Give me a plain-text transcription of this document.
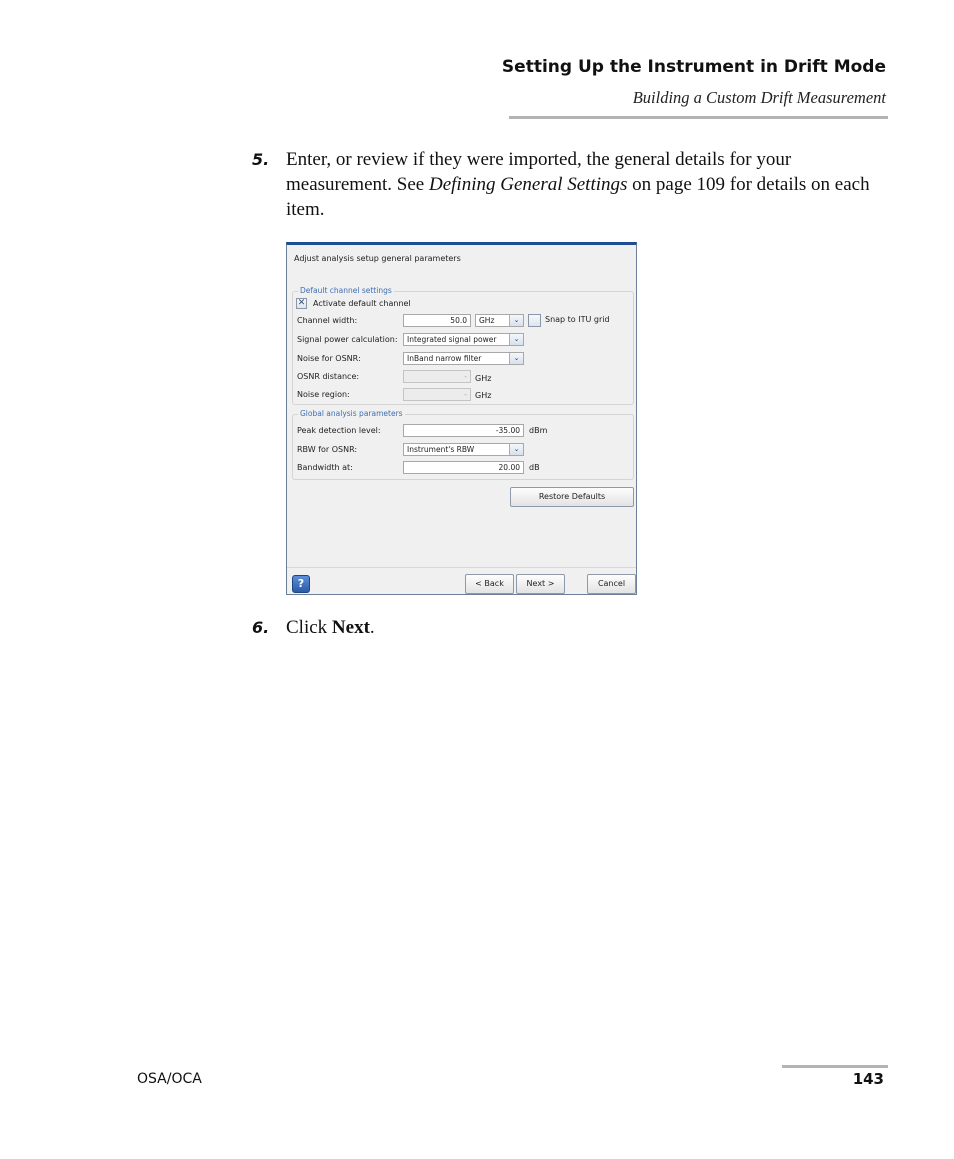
Setting Up the Instrument in Drift Mode
Building a Custom Drift Measurement
5. Enter, or review if they were imported, the general details for your measurement. See Defining General Settings on page 109 for details on each item.
Adjust analysis setup general parameters
Default channel settings
✕ Activate default channel
Channel width:	50.0	GHz	⌄	Snap to ITU grid
Signal power calculation:	Integrated signal power	⌄
Noise for OSNR:	InBand narrow filter	⌄
OSNR distance:	-	GHz
Noise region:	-	GHz
Global analysis parameters
Peak detection level:	-35.00	dBm
RBW for OSNR:	Instrument's RBW	⌄
Bandwidth at:	20.00	dB
Restore Defaults
?	< Back	Next >	Cancel
6. Click Next.
OSA/OCA	143
